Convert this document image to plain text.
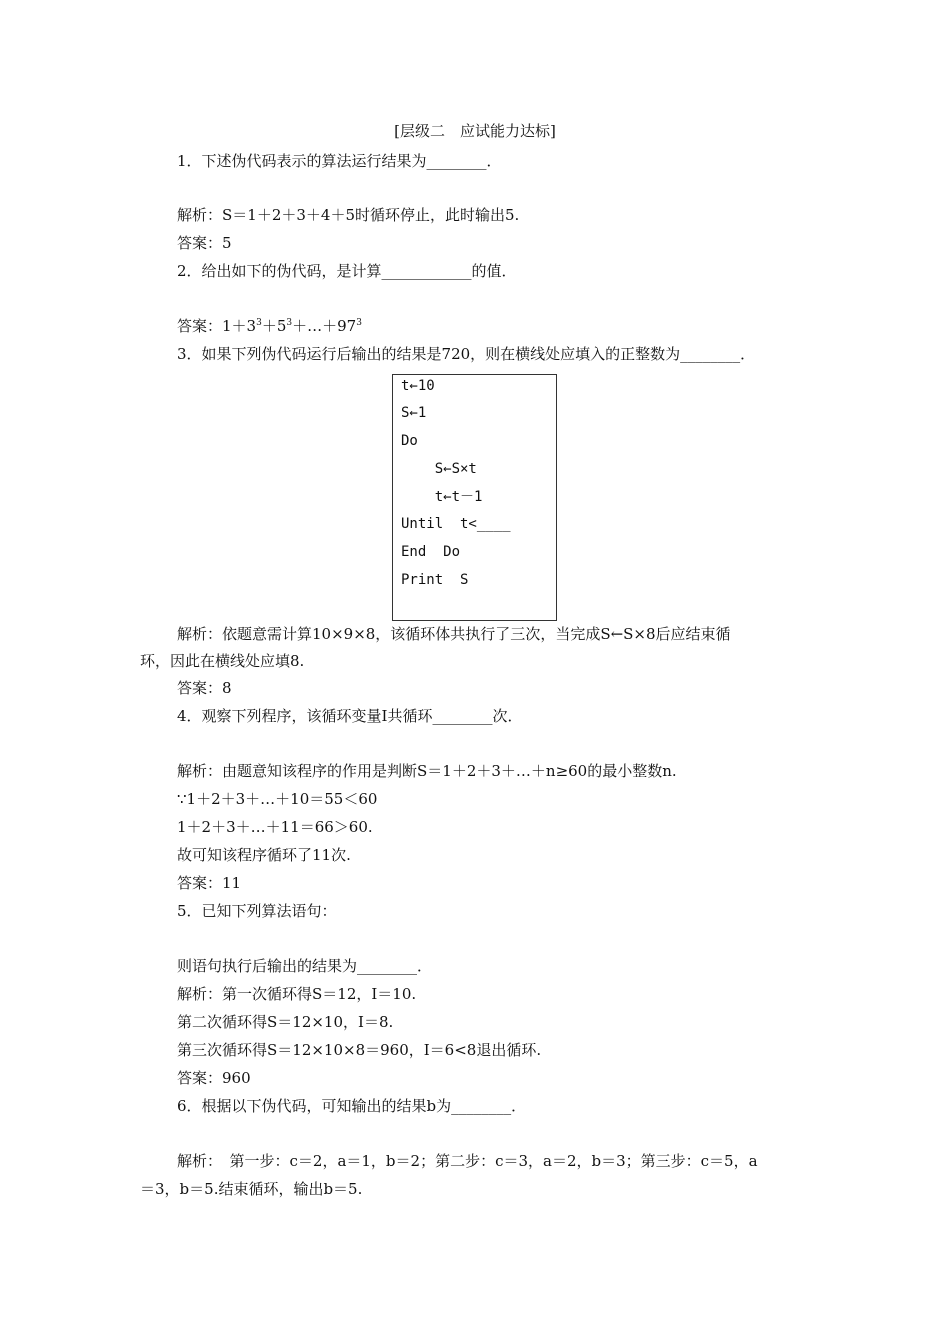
[层级二　应试能力达标]
1．下述伪代码表示的算法运行结果为________．
解析：S＝1＋2＋3＋4＋5时循环停止，此时输出5.
答案：5
2．给出如下的伪代码，是计算____________的值．
答案：$1+3^3+5^3+\dots+97^3$
3．如果下列伪代码运行后输出的结果是720，则在横线处应填入的正整数为________．
t←10
S←1
Do
S←S×t
t←t－1
Until  t<____
End  Do
Print  S
解析：依题意需计算10×9×8，该循环体共执行了三次，当完成S←S×8后应结束循
环，因此在横线处应填8.
答案：8
4．观察下列程序，该循环变量I共循环________次．
解析：由题意知该程序的作用是判断S＝1＋2＋3＋…＋n≥60的最小整数n.
∵1＋2＋3＋…＋10＝55＜60
1＋2＋3＋…＋11＝66＞60.
故可知该程序循环了11次.
答案：11
5．已知下列算法语句：
则语句执行后输出的结果为________．
解析：第一次循环得S＝12，I＝10.
第二次循环得S＝12×10，I＝8.
第三次循环得S＝12×10×8＝960，I＝6<8退出循环.
答案：960
6．根据以下伪代码，可知输出的结果b为________．
解析：　第一步：c＝2，a＝1，b＝2；第二步：c＝3，a＝2，b＝3；第三步：c＝5，a
＝3，b＝5.结束循环，输出b＝5.
